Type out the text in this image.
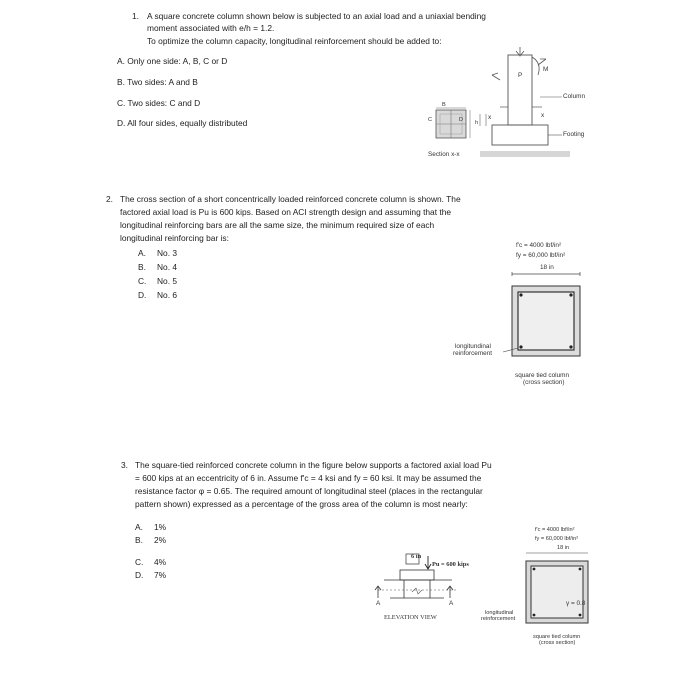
1. A square concrete column shown below is subjected to an axial load and a uniaxial bending
moment associated with e/h = 1.2.
To optimize the column capacity, longitudinal reinforcement should be added to:
A. Only one side: A, B, C or D
B. Two sides: A and B
C. Two sides: C and D
D. All four sides, equally distributed
B
C	D h
x
Section x-x
P
M
Column
Footing
x
2. The cross section of a short concentrically loaded reinforced concrete column is shown. The
factored axial load is Pu is 600 kips. Based on ACI strength design and assuming that the
longitudinal reinforcing bars are all the same size, the minimum required size of each
longitudinal reinforcing bar is:
A. No. 3
B. No. 4
C. No. 5
D. No. 6
f'c = 4000 lbf/in²
fy = 60,000 lbf/in²
18 in
longitundinal
reinforcement
square tied column
(cross section)
3. The square-tied reinforced concrete column in the figure below supports a factored axial load Pu
= 600 kips at an eccentricity of 6 in. Assume f'c = 4 ksi and fy = 60 ksi. It may be assumed the
resistance factor φ = 0.65. The required amount of longitudinal steel (places in the rectangular
pattern shown) expressed as a percentage of the gross area of the column is most nearly:
A. 1%
B. 2%
C. 4%
D. 7%
6 in
Pu = 600 kips
A	A
ELEVATION VIEW
f'c = 4000 lbf/in²
fy = 60,000 lbf/in²
18 in
γ = 0.8
longitudinal
reinforcement
square tied column
(cross section)
